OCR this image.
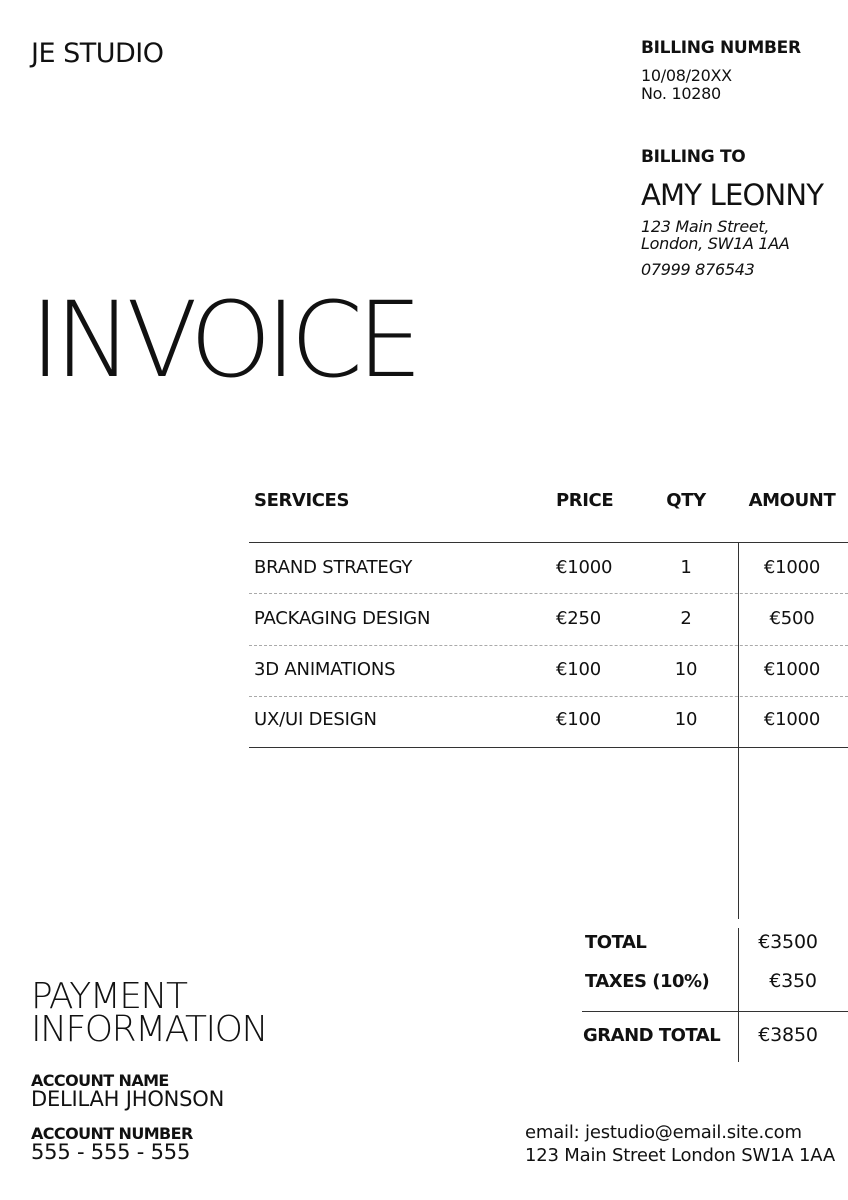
JE STUDIO	BILLING NUMBER
10/08/20XX
No. 10280
BILLING TO
AMY LEONNY
123 Main Street,
London, SW1A 1AA
07999 876543
INVOICE
SERVICES	PRICE	QTY AMOUNT
BRAND STRATEGY	€1000	1	€1000
PACKAGING DESIGN	€250	2	€500
3D ANIMATIONS	€100	10	€1000
UX/UI DESIGN	€100	10	€1000
TOTAL	€3500
TAXES (10%)	€350
GRAND TOTAL €3850
PAYMENT
INFORMATION
ACCOUNT NAME
DELILAH JHONSON
ACCOUNT NUMBER
555 - 555 - 555
email: jestudio@email.site.com
123 Main Street London SW1A 1AA
